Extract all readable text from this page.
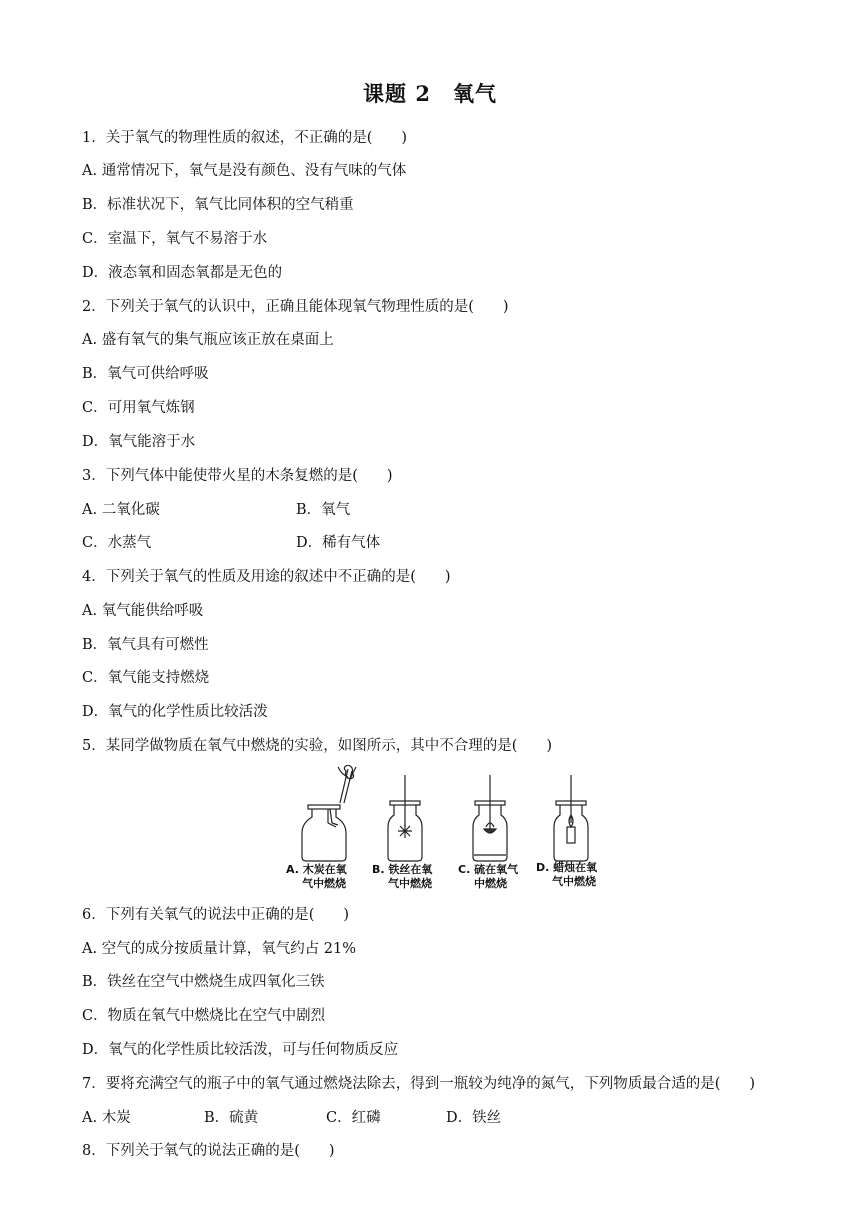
课题 2　氧气
1．关于氧气的物理性质的叙述，不正确的是(　　)
A. 通常情况下，氧气是没有颜色、没有气味的气体
B．标准状况下，氧气比同体积的空气稍重
C．室温下，氧气不易溶于水
D．液态氧和固态氧都是无色的
2．下列关于氧气的认识中，正确且能体现氧气物理性质的是(　　)
A. 盛有氧气的集气瓶应该正放在桌面上
B．氧气可供给呼吸
C．可用氧气炼钢
D．氧气能溶于水
3．下列气体中能使带火星的木条复燃的是(　　)
A. 二氧化碳	B．氧气
C．水蒸气	D．稀有气体
4．下列关于氧气的性质及用途的叙述中不正确的是(　　)
A. 氧气能供给呼吸
B．氧气具有可燃性
C．氧气能支持燃烧
D．氧气的化学性质比较活泼
5．某同学做物质在氧气中燃烧的实验，如图所示，其中不合理的是(　　)
A. 木炭在氧
气中燃烧
B. 铁丝在氧
气中燃烧
C. 硫在氧气
中燃烧
D. 蜡烛在氧
气中燃烧
6．下列有关氧气的说法中正确的是(　　)
A. 空气的成分按质量计算，氧气约占 21%
B．铁丝在空气中燃烧生成四氧化三铁
C．物质在氧气中燃烧比在空气中剧烈
D．氧气的化学性质比较活泼，可与任何物质反应
7．要将充满空气的瓶子中的氧气通过燃烧法除去，得到一瓶较为纯净的氮气，下列物质最合适的是(　　)
A. 木炭	B．硫黄	C．红磷	D．铁丝
8．下列关于氧气的说法正确的是(　　)
